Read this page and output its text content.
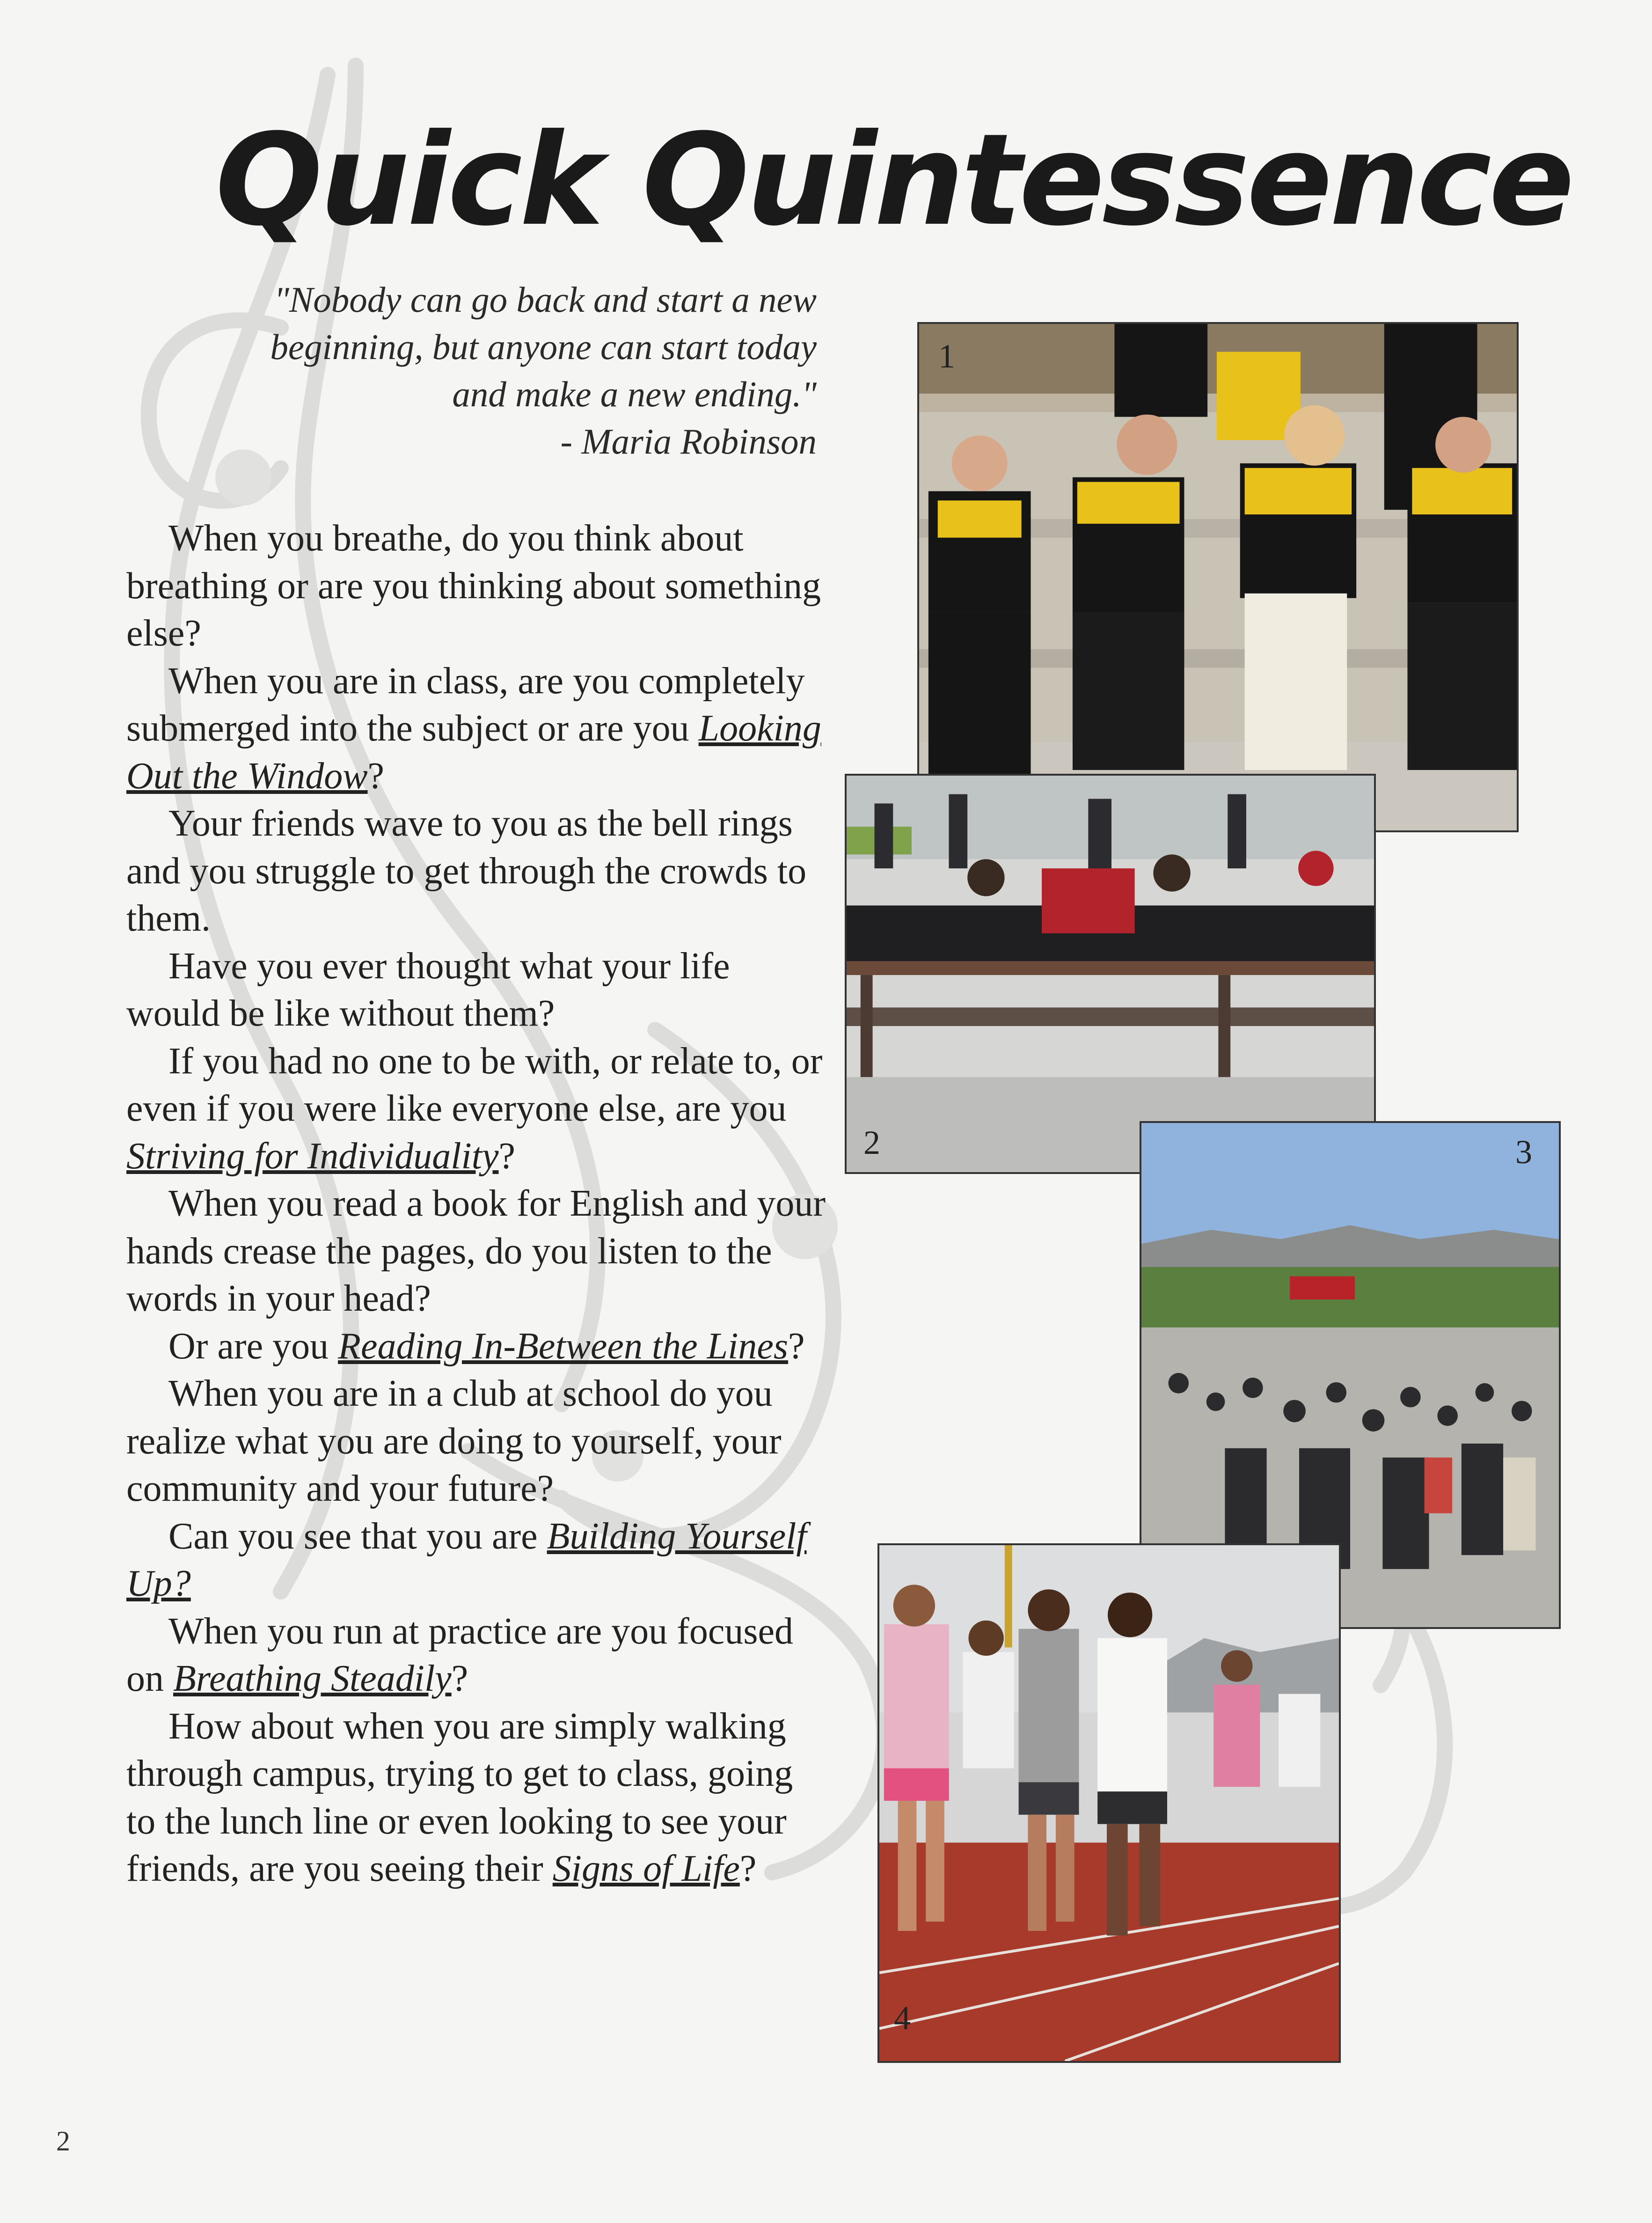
Quick Quintessence
"Nobody can go back and start a new
beginning, but anyone can start today
and make a new ending."
- Maria Robinson

When you breathe, do you think about breathing or are you thinking about something else?

When you are in class, are you completely submerged into the subject or are you Looking Out the Window?

Your friends wave to you as the bell rings and you struggle to get through the crowds to them.

Have you ever thought what your life would be like without them?

If you had no one to be with, or relate to, or even if you were like everyone else, are you Striving for Individuality?

When you read a book for English and your hands crease the pages, do you listen to the words in your head?

Or are you Reading In-Between the Lines?

When you are in a club at school do you realize what you are doing to yourself, your community and your future?

Can you see that you are Building Yourself Up?

When you run at practice are you focused on Breathing Steadily?

How about when you are simply walking through campus, trying to get to class, going to the lunch line or even looking to see your friends, are you seeing their Signs of Life?

1
2	3
4
2
